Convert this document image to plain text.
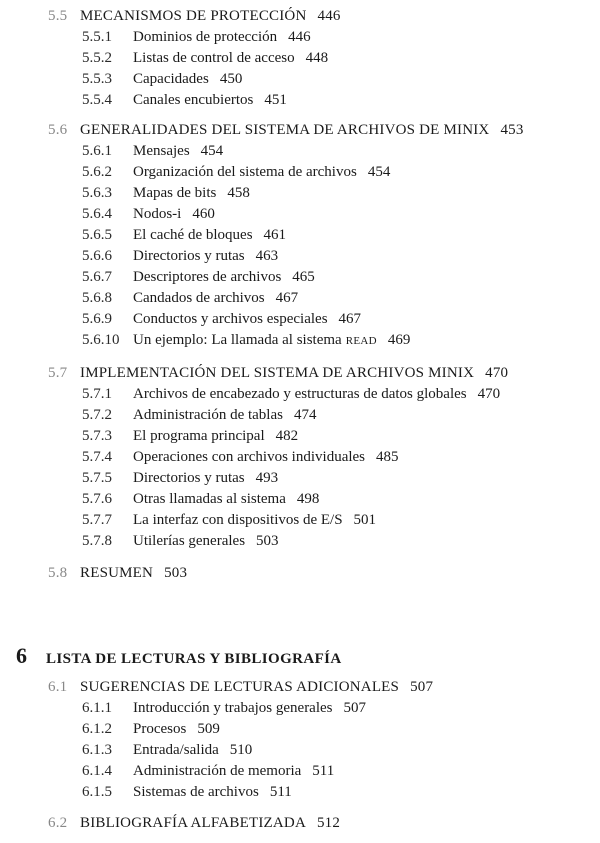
6 LISTA DE LECTURAS Y BIBLIOGRAFÍA
5.5 MECANISMOS DE PROTECCIÓN 446
5.5.1 Dominios de protección 446
5.5.2 Listas de control de acceso 448
5.5.3 Capacidades 450
5.5.4 Canales encubiertos 451
5.6 GENERALIDADES DEL SISTEMA DE ARCHIVOS DE MINIX 453
5.6.1 Mensajes 454
5.6.2 Organización del sistema de archivos 454
5.6.3 Mapas de bits 458
5.6.4 Nodos-i 460
5.6.5 El caché de bloques 461
5.6.6 Directorios y rutas 463
5.6.7 Descriptores de archivos 465
5.6.8 Candados de archivos 467
5.6.9 Conductos y archivos especiales 467
5.6.10 Un ejemplo: La llamada al sistema READ 469
5.7 IMPLEMENTACIÓN DEL SISTEMA DE ARCHIVOS MINIX 470
5.7.1 Archivos de encabezado y estructuras de datos globales 470
5.7.2 Administración de tablas 474
5.7.3 El programa principal 482
5.7.4 Operaciones con archivos individuales 485
5.7.5 Directorios y rutas 493
5.7.6 Otras llamadas al sistema 498
5.7.7 La interfaz con dispositivos de E/S 501
5.7.8 Utilerías generales 503
5.8 RESUMEN 503
6.1 SUGERENCIAS DE LECTURAS ADICIONALES 507
6.1.1 Introducción y trabajos generales 507
6.1.2 Procesos 509
6.1.3 Entrada/salida 510
6.1.4 Administración de memoria 511
6.1.5 Sistemas de archivos 511
6.2 BIBLIOGRAFÍA ALFABETIZADA 512
